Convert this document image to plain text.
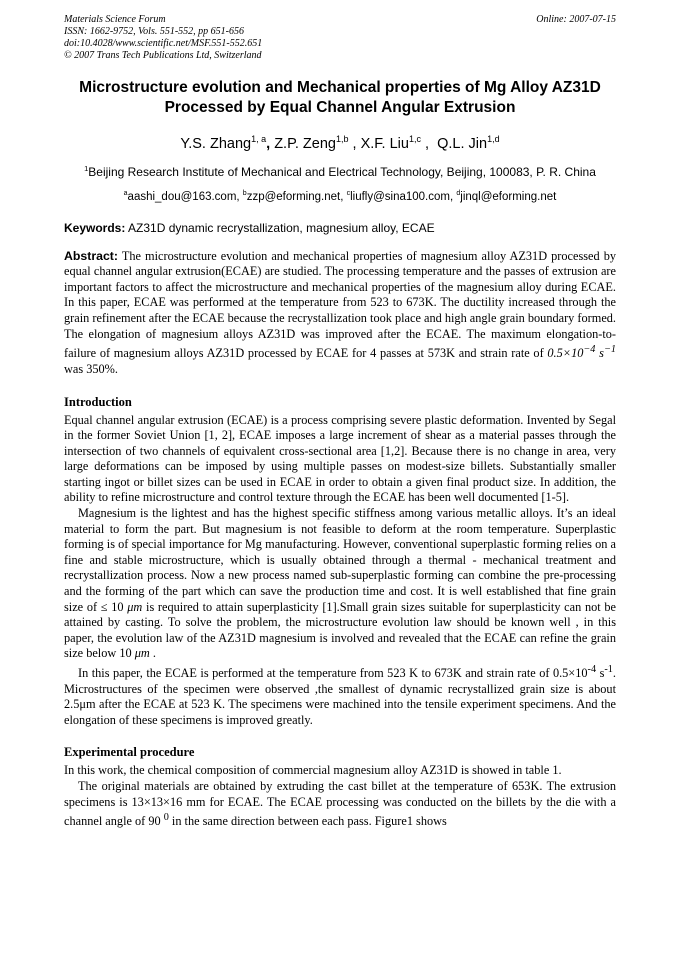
Materials Science Forum
ISSN: 1662-9752, Vols. 551-552, pp 651-656
doi:10.4028/www.scientific.net/MSF.551-552.651
© 2007 Trans Tech Publications Ltd, Switzerland
Online: 2007-07-15
Microstructure evolution and Mechanical properties of Mg Alloy AZ31D Processed by Equal Channel Angular Extrusion
Y.S. Zhang$^{1, a}$, Z.P. Zeng$^{1,b}$ , X.F. Liu$^{1,c}$ ,  Q.L. Jin$^{1,d}$
$^1$Beijing Research Institute of Mechanical and Electrical Technology, Beijing, 100083, P. R. China
$^a$aashi_dou@163.com, $^b$zzp@eforming.net, $^c$liufly@sina100.com, $^d$jinql@eforming.net
Keywords: AZ31D dynamic recrystallization, magnesium alloy, ECAE

Abstract: The microstructure evolution and mechanical properties of magnesium alloy AZ31D processed by equal channel angular extrusion(ECAE) are studied. The processing temperature and the passes of extrusion are important factors to affect the microstructure and mechanical properties of the magnesium alloy during ECAE. In this paper, ECAE was performed at the temperature from 523 to 673K. The ductility increased through the grain refinement after the ECAE because the recrystallization took place and high angle grain boundary formed. The elongation of magnesium alloys AZ31D was improved after the ECAE. The maximum elongation-to-failure of magnesium alloys AZ31D processed by ECAE for 4 passes at 573K and strain rate of $0.5\times 10^{-4}$ $s^{-1}$ was 350%.

Introduction

Equal channel angular extrusion (ECAE) is a process comprising severe plastic deformation. Invented by Segal in the former Soviet Union [1, 2], ECAE imposes a large increment of shear as a material passes through the intersection of two channels of equivalent cross-sectional area [1,2]. Because there is no change in area, very large deformations can be imposed by using multiple passes on modest-size billets. Substantially smaller starting ingot or billet sizes can be used in ECAE in order to obtain a given final product size. In addition, the ability to refine microstructure and control texture through the ECAE has been well documented [1-5].

Magnesium is the lightest and has the highest specific stiffness among various metallic alloys. It’s an ideal material to form the part. But magnesium is not feasible to deform at the room temperature. Superplastic forming is of special importance for Mg manufacturing. However, conventional superplastic forming relies on a fine and stable microstructure, which is usually obtained through a thermal - mechanical treatment and recrystallization process. Now a new process named sub-superplastic forming can combine the pre-processing and the forming of the part which can save the production time and cost. It is well established that fine grain size of ≤ 10 μm is required to attain superplasticity [1].Small grain sizes suitable for superplasticity can not be attained by casting. To solve the problem, the microstructure evolution law should be known well , in this paper, the evolution law of the AZ31D magnesium is involved and revealed that the ECAE can refine the grain size below 10 μm .

In this paper, the ECAE is performed at the temperature from 523 K to 673K and strain rate of $0.5\times 10^{-4}$ $s^{-1}$. Microstructures of the specimen were observed ,the smallest of dynamic recrystallized grain size is about 2.5μm after the ECAE at 523 K. The specimens were machined into the tensile experiment specimens. And the elongation of these specimens is improved greatly.

Experimental procedure

In this work, the chemical composition of commercial magnesium alloy AZ31D is showed in table 1.

The original materials are obtained by extruding the cast billet at the temperature of 653K. The extrusion specimens is 13×13×16 mm for ECAE. The ECAE processing was conducted on the billets by the die with a channel angle of 90 $^0$ in the same direction between each pass. Figure1 shows
